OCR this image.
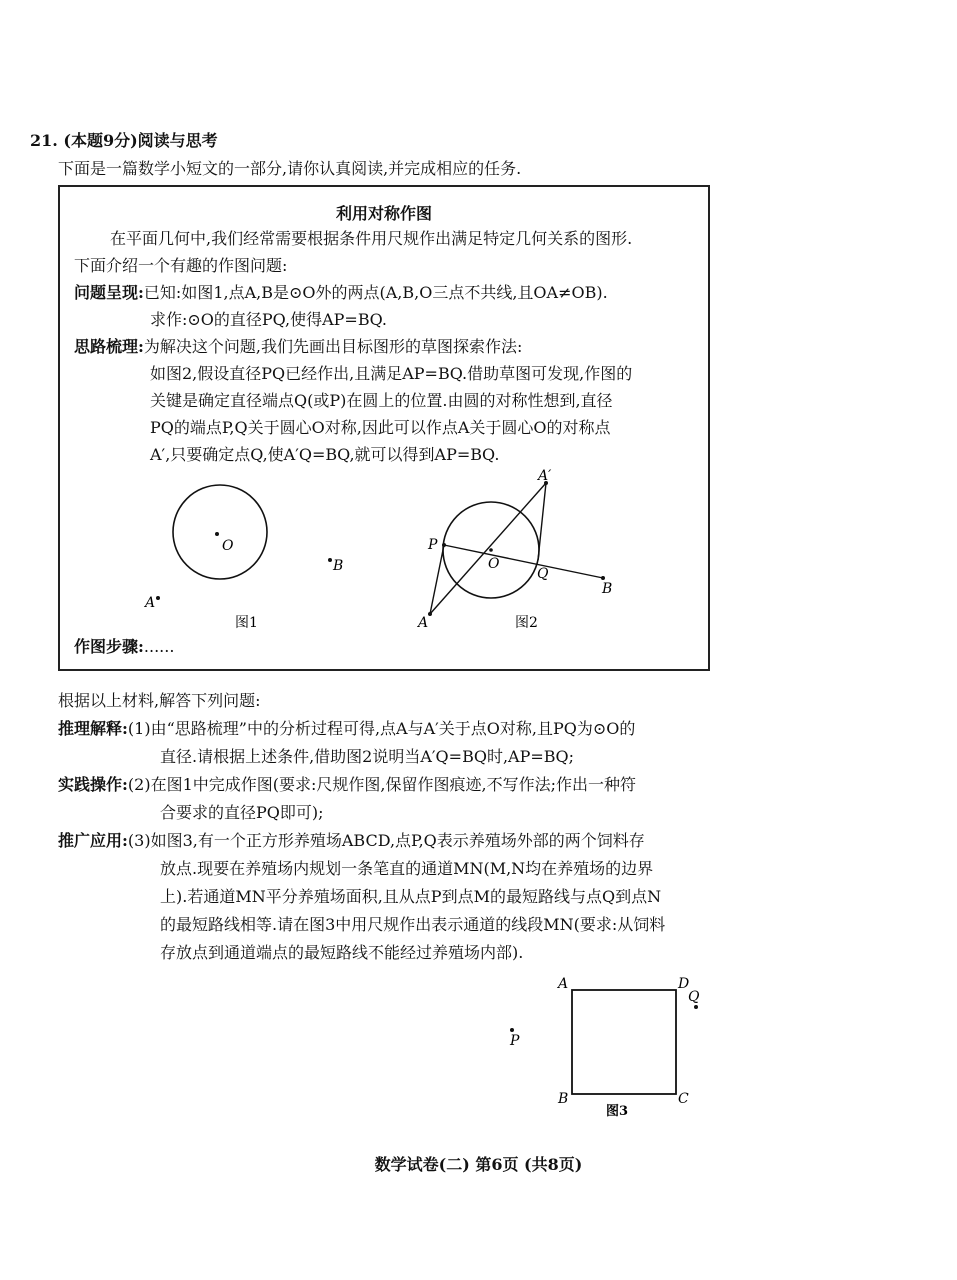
21. (本题9分)阅读与思考
下面是一篇数学小短文的一部分,请你认真阅读,并完成相应的任务.
利用对称作图
在平面几何中,我们经常需要根据条件用尺规作出满足特定几何关系的图形.
下面介绍一个有趣的作图问题:
问题呈现:已知:如图1,点A,B是⊙O外的两点(A,B,O三点不共线,且OA≠OB).
求作:⊙O的直径PQ,使得AP=BQ.
思路梳理:为解决这个问题,我们先画出目标图形的草图探索作法:
如图2,假设直径PQ已经作出,且满足AP=BQ.借助草图可发现,作图的
关键是确定直径端点Q(或P)在圆上的位置.由圆的对称性想到,直径
PQ的端点P,Q关于圆心O对称,因此可以作点A关于圆心O的对称点
A′,只要确定点Q,使A′Q=BQ,就可以得到AP=BQ.
O
B
A
图1	A
P
O
Q
A′
B
图2
作图步骤:......
根据以上材料,解答下列问题:
推理解释:(1)由“思路梳理”中的分析过程可得,点A与A′关于点O对称,且PQ为⊙O的
直径.请根据上述条件,借助图2说明当A′Q=BQ时,AP=BQ;
实践操作:(2)在图1中完成作图(要求:尺规作图,保留作图痕迹,不写作法;作出一种符
合要求的直径PQ即可);
推广应用:(3)如图3,有一个正方形养殖场ABCD,点P,Q表示养殖场外部的两个饲料存
放点.现要在养殖场内规划一条笔直的通道MN(M,N均在养殖场的边界
上).若通道MN平分养殖场面积,且从点P到点M的最短路线与点Q到点N
的最短路线相等.请在图3中用尺规作出表示通道的线段MN(要求:从饲料
存放点到通道端点的最短路线不能经过养殖场内部).
A	D
B	C
Q
P
图3
数学试卷(二) 第6页 (共8页)
